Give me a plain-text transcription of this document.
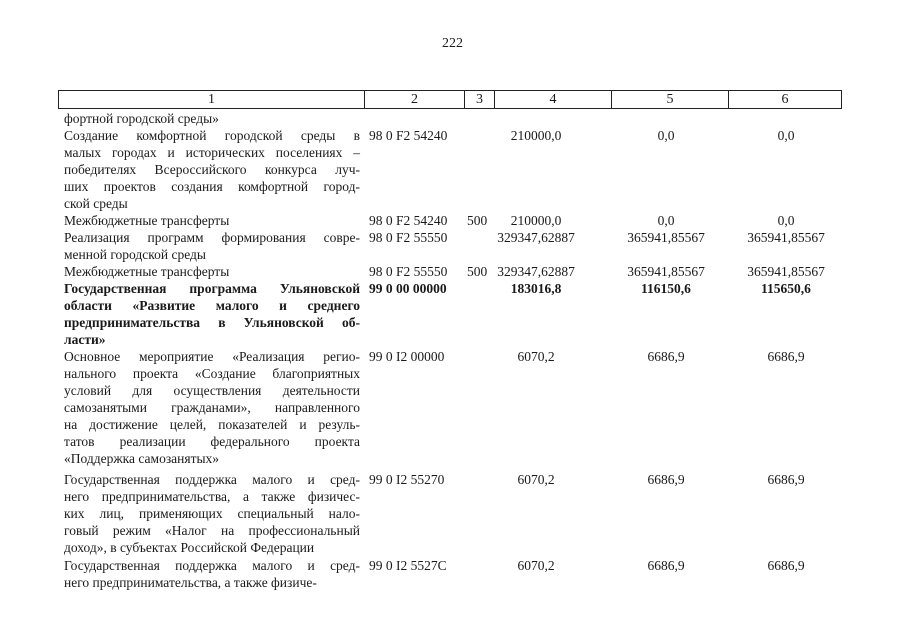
222
1	2	3	4	5	6
фортной городской среды»
Создание комфортной городской среды в
малых городах и исторических поселениях –
победителях Всероссийского конкурса луч-
ших проектов создания комфортной город-
ской среды
98 0 F2 54240	210000,0	0,0	0,0
Межбюджетные трансферты	98 0 F2 54240 500	210000,0	0,0	0,0
Реализация программ формирования совре-
менной городской среды
98 0 F2 55550	329347,62887	365941,85567	365941,85567
Межбюджетные трансферты	98 0 F2 55550 500 329347,62887	365941,85567	365941,85567
Государственная программа Ульяновской
области «Развитие малого и среднего
предпринимательства в Ульяновской об-
ласти»
99 0 00 00000	183016,8	116150,6	115650,6
Основное мероприятие «Реализация регио-
нального проекта «Создание благоприятных
условий для осуществления деятельности
самозанятыми гражданами», направленного
на достижение целей, показателей и резуль-
татов реализации федерального проекта
«Поддержка самозанятых»
99 0 I2 00000	6070,2	6686,9	6686,9
Государственная поддержка малого и сред-
него предпринимательства, а также физичес-
ких лиц, применяющих специальный нало-
говый режим «Налог на профессиональный
доход», в субъектах Российской Федерации
99 0 I2 55270	6070,2	6686,9	6686,9
Государственная поддержка малого и сред-
него предпринимательства, а также физиче-
99 0 I2 5527C	6070,2	6686,9	6686,9
